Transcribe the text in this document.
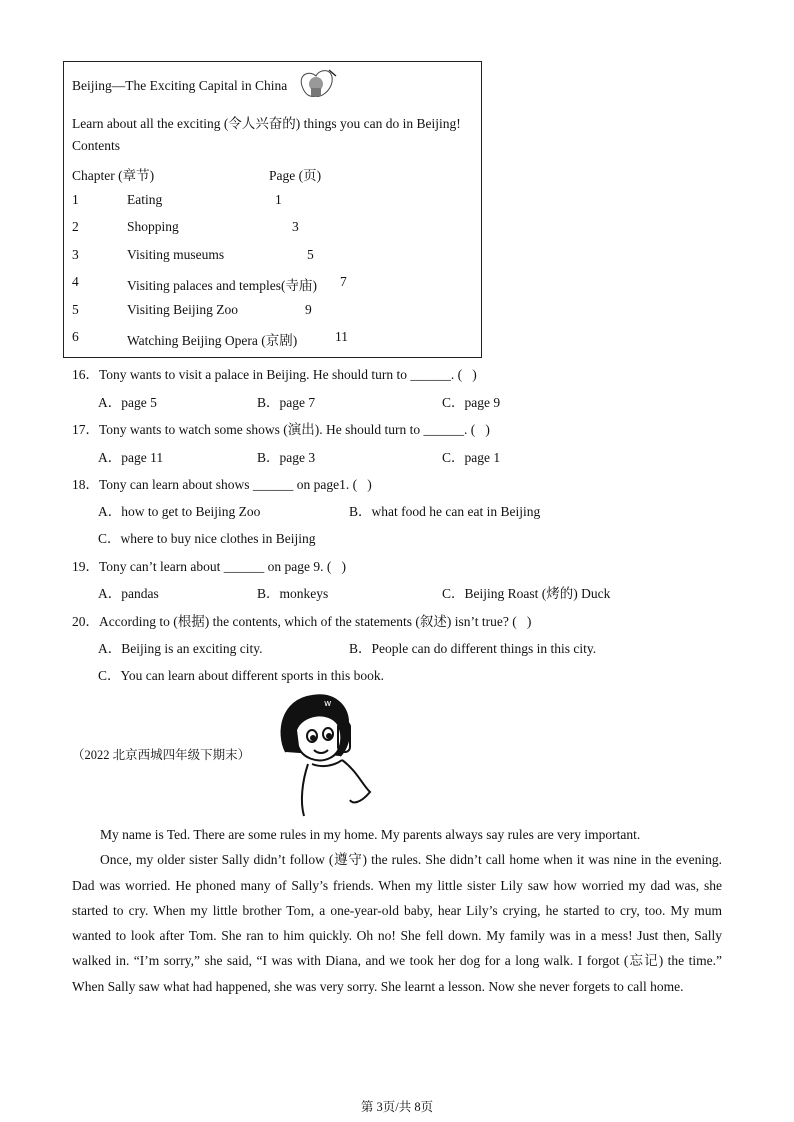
Beijing—The Exciting Capital in China
Learn about all the exciting (令人兴奋的) things you can do in Beijing!
Contents
Chapter (章节)	Page (页)
1	Eating	1
2	Shopping	3
3	Visiting museums	5
4	Visiting palaces and temples(寺庙) 7
5	Visiting Beijing Zoo	9
6	Watching Beijing Opera (京剧)	11
16．Tony wants to visit a palace in Beijing. He should turn to ______. (   )
A．page 5	B．page 7	C．page 9
17．Tony wants to watch some shows (演出). He should turn to ______. (   )
A．page 11	B．page 3	C．page 1
18．Tony can learn about shows ______ on page1. (   )
A．how to get to Beijing Zoo	B．what food he can eat in Beijing
C．where to buy nice clothes in Beijing
19．Tony can’t learn about ______ on page 9. (   )
A．pandas	B．monkeys	C．Beijing Roast (烤的) Duck
20．According to (根据) the contents, which of the statements (叙述) isn’t true? (   )
A．Beijing is an exciting city.	B．People can do different things in this city.
C．You can learn about different sports in this book.
（2022 北京西城四年级下期末）
w

My name is Ted. There are some rules in my home. My parents always say rules are very important.

Once, my older sister Sally didn’t follow (遵守) the rules. She didn’t call home when it was nine in the evening. Dad was worried. He phoned many of Sally’s friends. When my little sister Lily saw how worried my dad was, she started to cry. When my little brother Tom, a one-year-old baby, hear Lily’s crying, he started to cry, too. My mum wanted to look after Tom. She ran to him quickly. Oh no! She fell down. My family was in a mess! Just then, Sally walked in. “I’m sorry,” she said, “I was with Diana, and we took her dog for a long walk. I forgot (忘记) the time.” When Sally saw what had happened, she was very sorry. She learnt a lesson. Now she never forgets to call home.

第 3页/共 8页
